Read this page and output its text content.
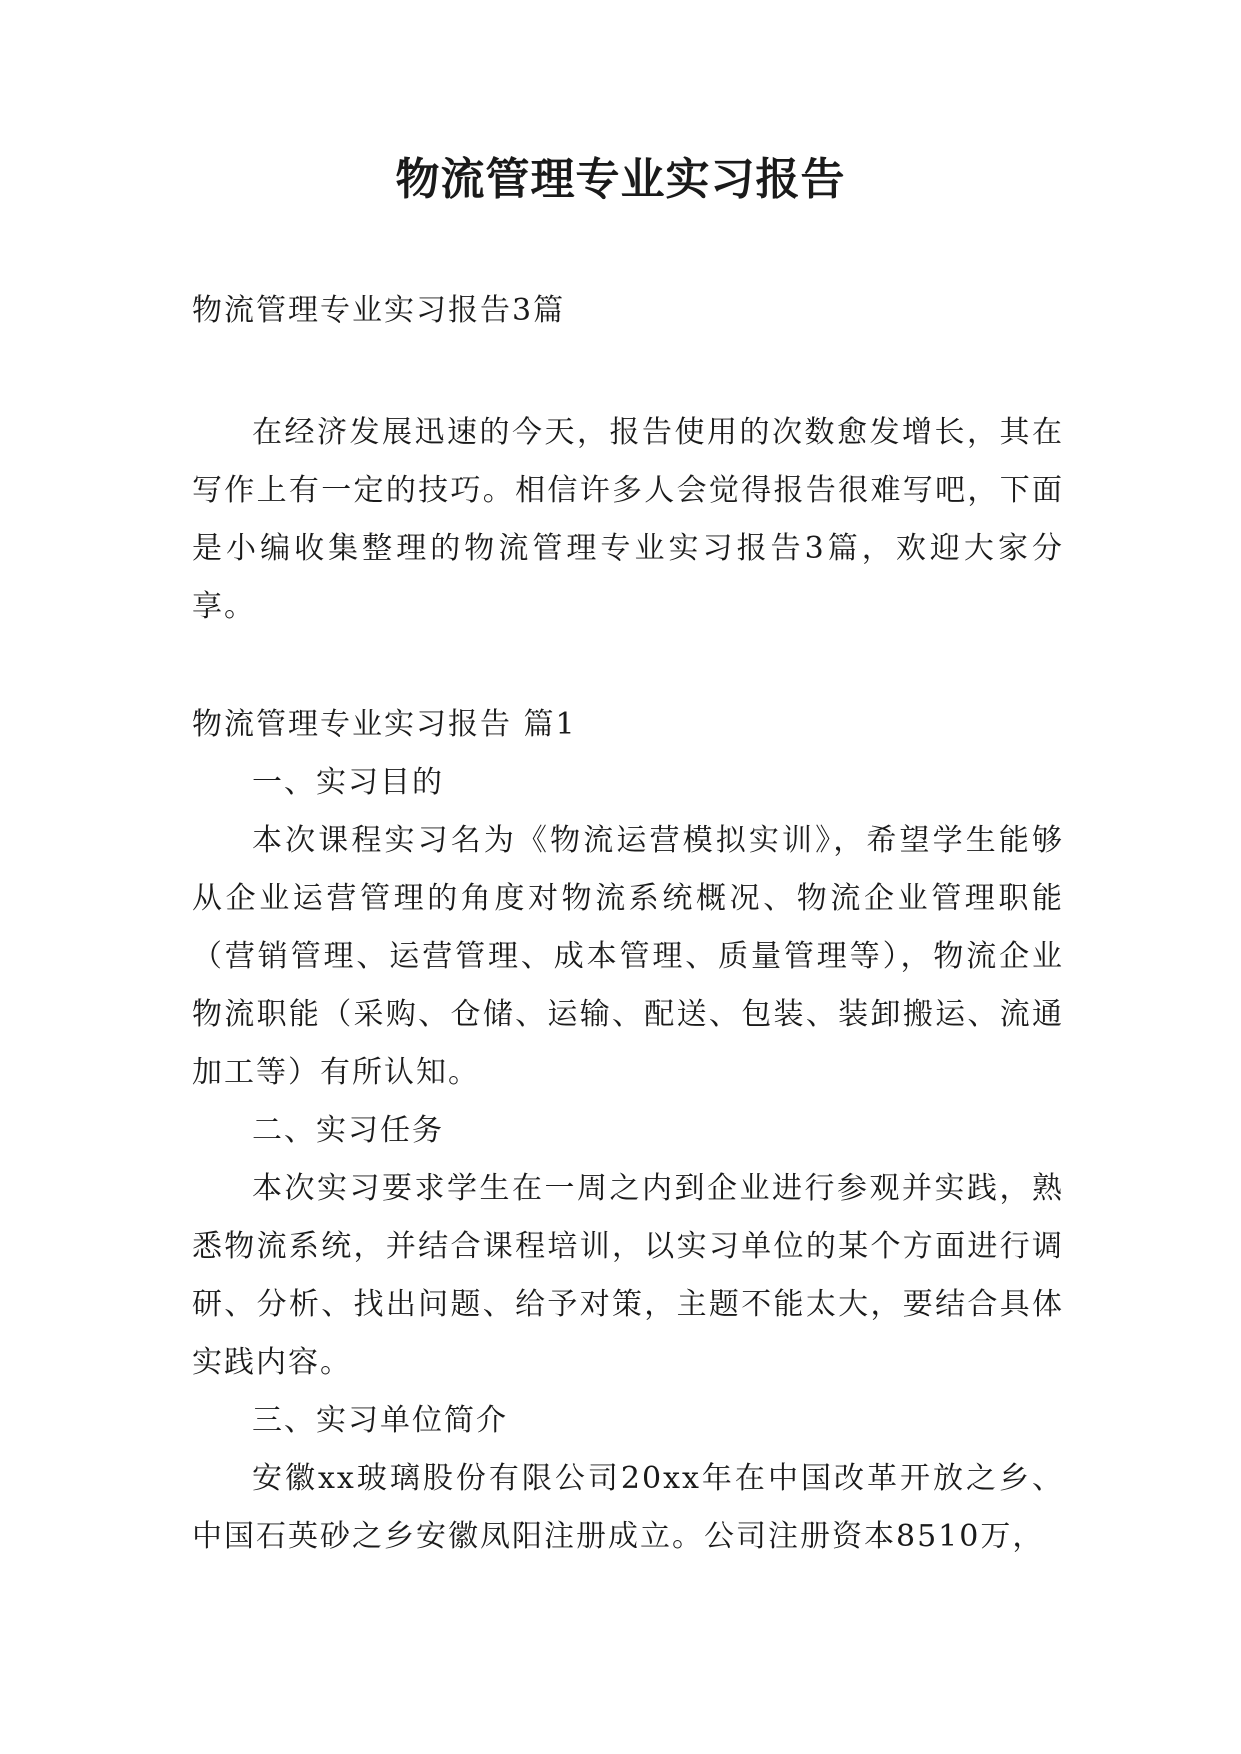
物流管理专业实习报告

物流管理专业实习报告3篇

在经济发展迅速的今天，报告使用的次数愈发增长，其在写作上有一定的技巧。相信许多人会觉得报告很难写吧，下面是小编收集整理的物流管理专业实习报告3篇，欢迎大家分享。

物流管理专业实习报告 篇1

一、实习目的

本次课程实习名为《物流运营模拟实训》，希望学生能够从企业运营管理的角度对物流系统概况、物流企业管理职能（营销管理、运营管理、成本管理、质量管理等），物流企业物流职能（采购、仓储、运输、配送、包装、装卸搬运、流通加工等）有所认知。

二、实习任务

本次实习要求学生在一周之内到企业进行参观并实践，熟悉物流系统，并结合课程培训，以实习单位的某个方面进行调研、分析、找出问题、给予对策，主题不能太大，要结合具体实践内容。

三、实习单位简介

安徽xx玻璃股份有限公司20xx年在中国改革开放之乡、中国石英砂之乡安徽凤阳注册成立。公司注册资本8510万，
